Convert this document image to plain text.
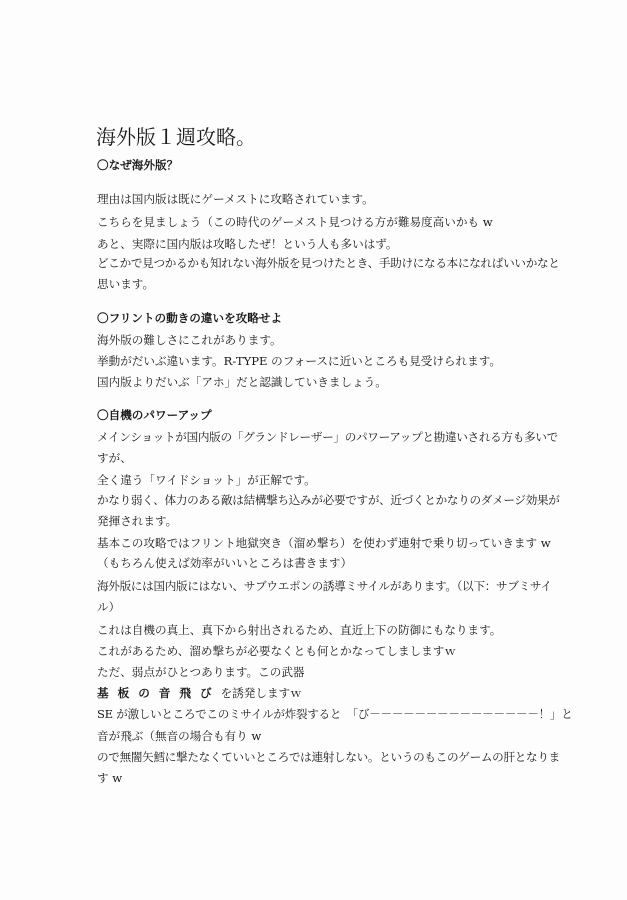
海外版１週攻略。
〇なぜ海外版？
理由は国内版は既にゲーメストに攻略されています。
こちらを見ましょう（この時代のゲーメスト見つける方が難易度高いかも w
あと、実際に国内版は攻略したぜ！という人も多いはず。
どこかで見つかるかも知れない海外版を見つけたとき、手助けになる本になればいいかなと
思います。
〇フリントの動きの違いを攻略せよ
海外版の難しさにこれがあります。
挙動がだいぶ違います。R-TYPE のフォースに近いところも見受けられます。
国内版よりだいぶ「アホ」だと認識していきましょう。
〇自機のパワーアップ
メインショットが国内版の「グランドレーザー」のパワーアップと勘違いされる方も多いで
すが、
全く違う「ワイドショット」が正解です。
かなり弱く、体力のある敵は結構撃ち込みが必要ですが、近づくとかなりのダメージ効果が
発揮されます。
基本この攻略ではフリント地獄突き（溜め撃ち）を使わず連射で乗り切っていきます w
（もちろん使えば効率がいいところは書きます）
海外版には国内版にはない、サブウエポンの誘導ミサイルがあります。（以下：サブミサイ
ル）
これは自機の真上、真下から射出されるため、直近上下の防御にもなります。
これがあるため、溜め撃ちが必要なくとも何とかなってしましますｗ
ただ、弱点がひとつあります。この武器
基板の音飛びを誘発しますｗ
SE が激しいところでこのミサイルが炸裂すると　「び－－－－－－－－－－－－－－－！」と
音が飛ぶ（無音の場合も有り w
ので無闇矢鱈に撃たなくていいところでは連射しない。というのもこのゲームの肝となりま
す w
